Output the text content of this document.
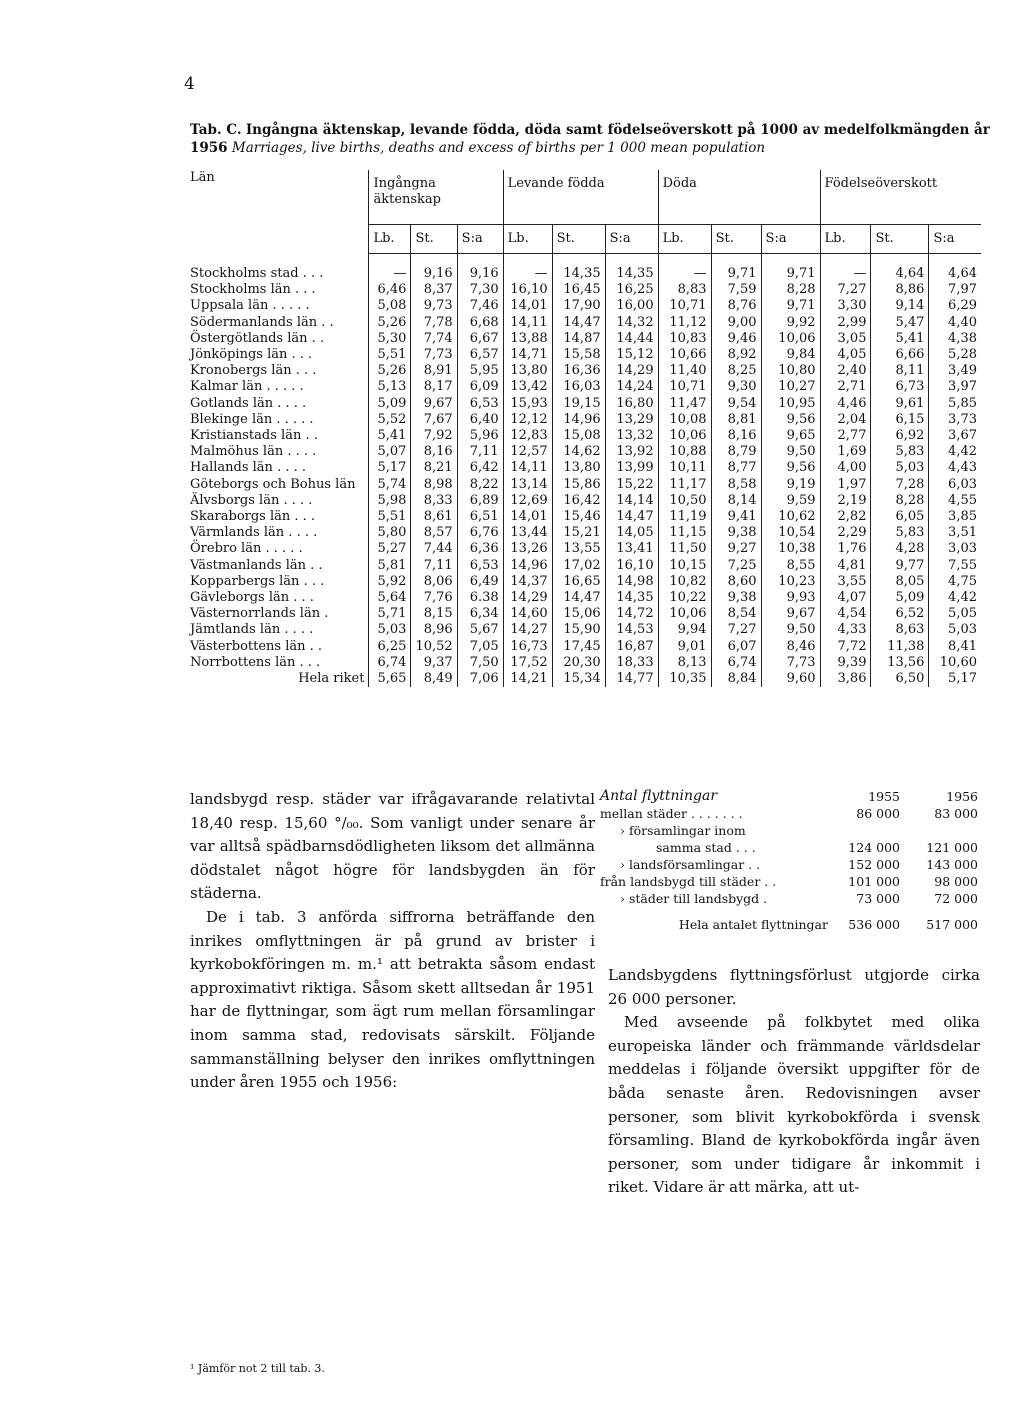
4
Tab. C. Ingångna äktenskap, levande födda, döda samt födelseöverskott på 1000 av medelfolkmängden år 1956 Marriages, live births, deaths and excess of births per 1 000 mean population
Län	Ingångna äktenskap			Levande födda			Döda			Födelseöverskott		
	Lb.	St.	S:a	Lb.	St.	S:a	Lb.	St.	S:a	Lb.	St.	S:a

Stockholms stad . . .	—	9,16	9,16	—	14,35	14,35	—	9,71	9,71	—	4,64	4,64
Stockholms län . . .	6,46	8,37	7,30	16,10	16,45	16,25	8,83	7,59	8,28	7,27	8,86	7,97
Uppsala län . . . . .	5,08	9,73	7,46	14,01	17,90	16,00	10,71	8,76	9,71	3,30	9,14	6,29
Södermanlands län . .	5,26	7,78	6,68	14,11	14,47	14,32	11,12	9,00	9,92	2,99	5,47	4,40
Östergötlands län . .	5,30	7,74	6,67	13,88	14,87	14,44	10,83	9,46	10,06	3,05	5,41	4,38
Jönköpings län . . .	5,51	7,73	6,57	14,71	15,58	15,12	10,66	8,92	9,84	4,05	6,66	5,28
Kronobergs län . . .	5,26	8,91	5,95	13,80	16,36	14,29	11,40	8,25	10,80	2,40	8,11	3,49
Kalmar län . . . . .	5,13	8,17	6,09	13,42	16,03	14,24	10,71	9,30	10,27	2,71	6,73	3,97
Gotlands län . . . .	5,09	9,67	6,53	15,93	19,15	16,80	11,47	9,54	10,95	4,46	9,61	5,85
Blekinge län . . . . .	5,52	7,67	6,40	12,12	14,96	13,29	10,08	8,81	9,56	2,04	6,15	3,73
Kristianstads län . .	5,41	7,92	5,96	12,83	15,08	13,32	10,06	8,16	9,65	2,77	6,92	3,67
Malmöhus län . . . .	5,07	8,16	7,11	12,57	14,62	13,92	10,88	8,79	9,50	1,69	5,83	4,42
Hallands län . . . .	5,17	8,21	6,42	14,11	13,80	13,99	10,11	8,77	9,56	4,00	5,03	4,43
Göteborgs och Bohus län	5,74	8,98	8,22	13,14	15,86	15,22	11,17	8,58	9,19	1,97	7,28	6,03
Älvsborgs län . . . .	5,98	8,33	6,89	12,69	16,42	14,14	10,50	8,14	9,59	2,19	8,28	4,55
Skaraborgs län . . .	5,51	8,61	6,51	14,01	15,46	14,47	11,19	9,41	10,62	2,82	6,05	3,85
Värmlands län . . . .	5,80	8,57	6,76	13,44	15,21	14,05	11,15	9,38	10,54	2,29	5,83	3,51
Örebro län . . . . .	5,27	7,44	6,36	13,26	13,55	13,41	11,50	9,27	10,38	1,76	4,28	3,03
Västmanlands län . .	5,81	7,11	6,53	14,96	17,02	16,10	10,15	7,25	8,55	4,81	9,77	7,55
Kopparbergs län . . .	5,92	8,06	6,49	14,37	16,65	14,98	10,82	8,60	10,23	3,55	8,05	4,75
Gävleborgs län . . .	5,64	7,76	6.38	14,29	14,47	14,35	10,22	9,38	9,93	4,07	5,09	4,42
Västernorrlands län .	5,71	8,15	6,34	14,60	15,06	14,72	10,06	8,54	9,67	4,54	6,52	5,05
Jämtlands län . . . .	5,03	8,96	5,67	14,27	15,90	14,53	9,94	7,27	9,50	4,33	8,63	5,03
Västerbottens län . .	6,25	10,52	7,05	16,73	17,45	16,87	9,01	6,07	8,46	7,72	11,38	8,41
Norrbottens län . . .	6,74	9,37	7,50	17,52	20,30	18,33	8,13	6,74	7,73	9,39	13,56	10,60
Hela riket	5,65	8,49	7,06	14,21	15,34	14,77	10,35	8,84	9,60	3,86	6,50	5,17

landsbygd resp. städer var ifrågavarande relativtal 18,40 resp. 15,60 °/₀₀. Som vanligt under senare år var alltså spädbarnsdödligheten liksom det allmänna dödstalet något högre för landsbygden än för städerna.

De i tab. 3 anförda siffrorna beträffande den inrikes omflyttningen är på grund av brister i kyrkobokföringen m. m.¹ att betrakta såsom endast approximativt riktiga. Såsom skett alltsedan år 1951 har de flyttningar, som ägt rum mellan församlingar inom samma stad, redovisats särskilt. Följande sammanställning belyser den inrikes omflyttningen under åren 1955 och 1956:

¹ Jämför not 2 till tab. 3.
Antal flyttningar	1955	1956
mellan städer . . . . . . .	86 000	83 000
› församlingar inom		
samma stad . . .	124 000	121 000
› landsförsamlingar . .	152 000	143 000
från landsbygd till städer . .	101 000	98 000
› städer till landsbygd .	73 000	72 000
Hela antalet flyttningar	536 000	517 000

Landsbygdens flyttningsförlust utgjorde cirka 26 000 personer.

Med avseende på folkbytet med olika europeiska länder och främmande världsdelar meddelas i följande översikt uppgifter för de båda senaste åren. Redovisningen avser personer, som blivit kyrkobokförda i svensk församling. Bland de kyrkobokförda ingår även personer, som under tidigare år inkommit i riket. Vidare är att märka, att ut-
